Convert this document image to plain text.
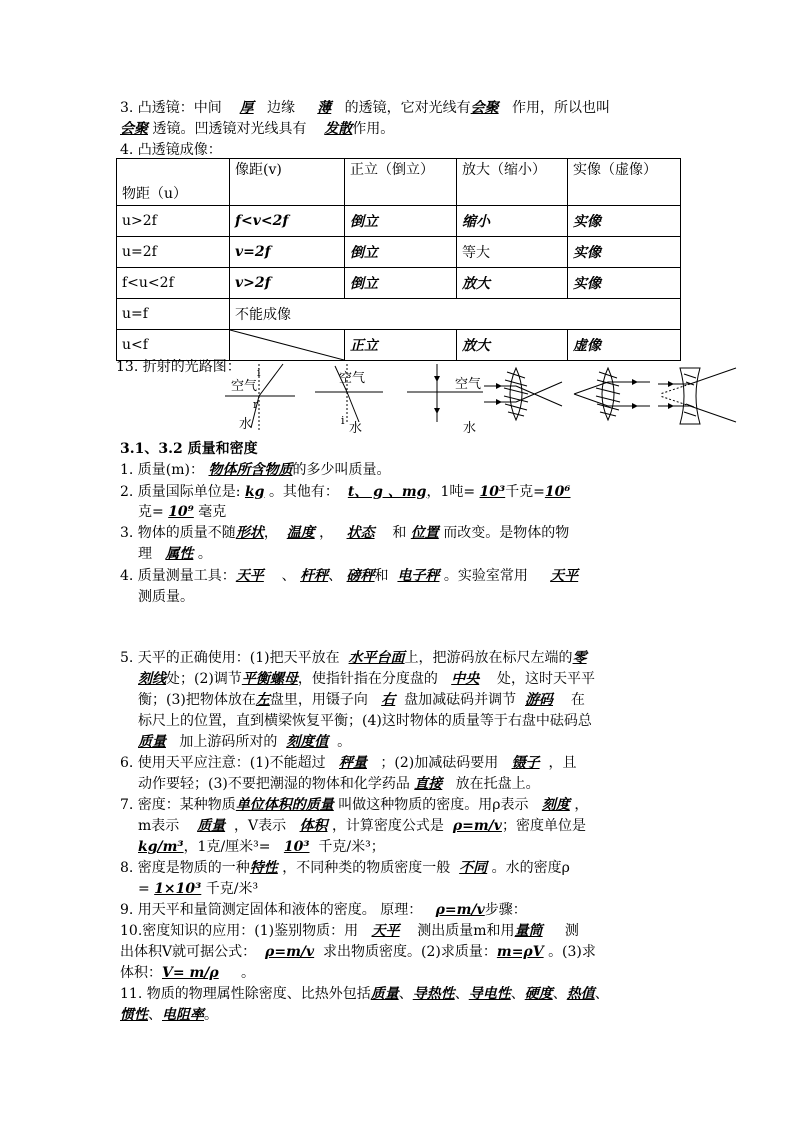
3. 凸透镜：中间 厚 边缘 薄 的透镜，它对光线有会聚 作用，所以也叫
会聚 透镜。凹透镜对光线具有 发散作用。
4. 凸透镜成像：
物距（u）	像距(v)	正立（倒立）	放大（缩小）	实像（虚像）
u>2f	f<v<2f	倒立	缩小	实像
u=2f	v=2f	倒立	等大	实像
f<u<2f	v>2f	倒立	放大	实像
u=f	不能成像			
u<f		正立	放大	虚像
13. 折射的光路图： i
r
空气
水	i
空气
水
空气
水
3.1、3.2 质量和密度
1. 质量(m)： 物体所含物质的多少叫质量。
2. 质量国际单位是: kg 。其他有： t、 g 、mg，1吨= 10³千克=10⁶
克= 10⁹ 毫克
3. 物体的质量不随形状， 温度 ， 状态 和 位置 而改变。是物体的物
理 属性 。
4. 质量测量工具：天平 、 杆秤、 磅秤和 电子秤 。实验室常用 天平
测质量。
5. 天平的正确使用：(1)把天平放在 水平台面上，把游码放在标尺左端的零
刻线处；(2)调节平衡螺母，使指针指在分度盘的 中央 处，这时天平平
衡；(3)把物体放在左盘里，用镊子向 右 盘加减砝码并调节 游码 在
标尺上的位置，直到横梁恢复平衡；(4)这时物体的质量等于右盘中砝码总
质量 加上游码所对的 刻度值 。
6. 使用天平应注意：(1)不能超过 秤量 ；(2)加减砝码要用 镊子 ，且
动作要轻；(3)不要把潮湿的物体和化学药品 直接 放在托盘上。
7. 密度：某种物质单位体积的质量 叫做这种物质的密度。用ρ表示 刻度 ，
m表示 质量 ，V表示 体积 ，计算密度公式是 ρ=m/v；密度单位是
kg/m³，1克/厘米³= 10³ 千克/米³；
8. 密度是物质的一种特性 ，不同种类的物质密度一般 不同 。水的密度ρ
= 1×10³ 千克/米³
9. 用天平和量筒测定固体和液体的密度。 原理： ρ=m/v步骤：
10.密度知识的应用：(1)鉴别物质：用 天平 测出质量m和用量筒 测
出体积V就可据公式： ρ=m/v 求出物质密度。(2)求质量：m=ρV 。(3)求
体积：V= m/ρ 。
11. 物质的物理属性除密度、比热外包括质量、导热性、导电性、硬度、热值、
惯性、电阻率。
